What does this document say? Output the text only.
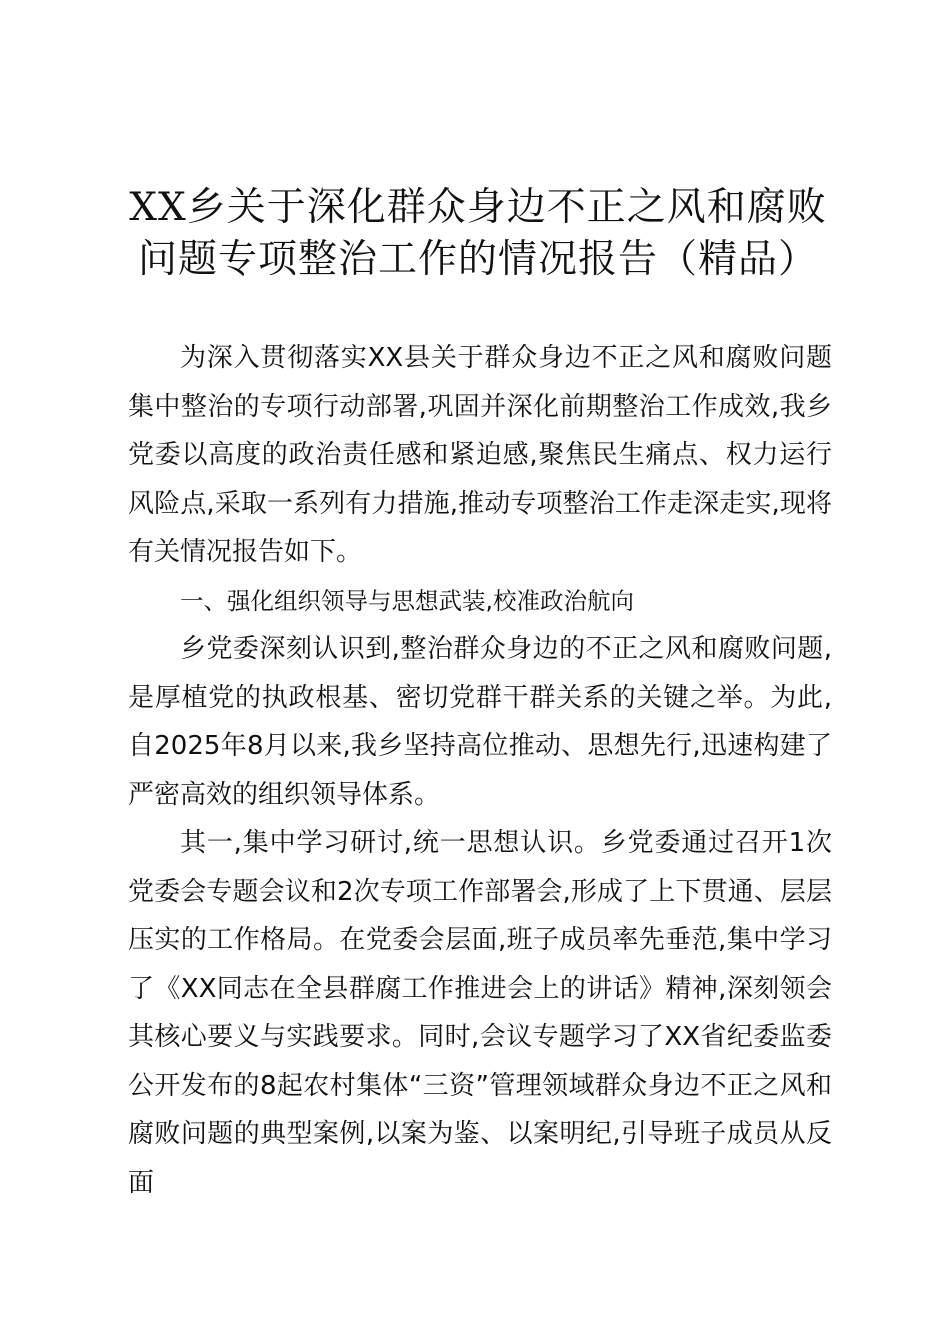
XX乡关于深化群众身边不正之风和腐败问题专项整治工作的情况报告（精品）

为深入贯彻落实XX县关于群众身边不正之风和腐败问题集中整治的专项行动部署,巩固并深化前期整治工作成效,我乡党委以高度的政治责任感和紧迫感,聚焦民生痛点、权力运行风险点,采取一系列有力措施,推动专项整治工作走深走实,现将有关情况报告如下。

一、强化组织领导与思想武装,校准政治航向

乡党委深刻认识到,整治群众身边的不正之风和腐败问题,是厚植党的执政根基、密切党群干群关系的关键之举。为此,自2025年8月以来,我乡坚持高位推动、思想先行,迅速构建了严密高效的组织领导体系。

其一,集中学习研讨,统一思想认识。乡党委通过召开1次党委会专题会议和2次专项工作部署会,形成了上下贯通、层层压实的工作格局。在党委会层面,班子成员率先垂范,集中学习了《XX同志在全县群腐工作推进会上的讲话》精神,深刻领会其核心要义与实践要求。同时,会议专题学习了XX省纪委监委公开发布的8起农村集体“三资”管理领域群众身边不正之风和腐败问题的典型案例,以案为鉴、以案明纪,引导班子成员从反面
